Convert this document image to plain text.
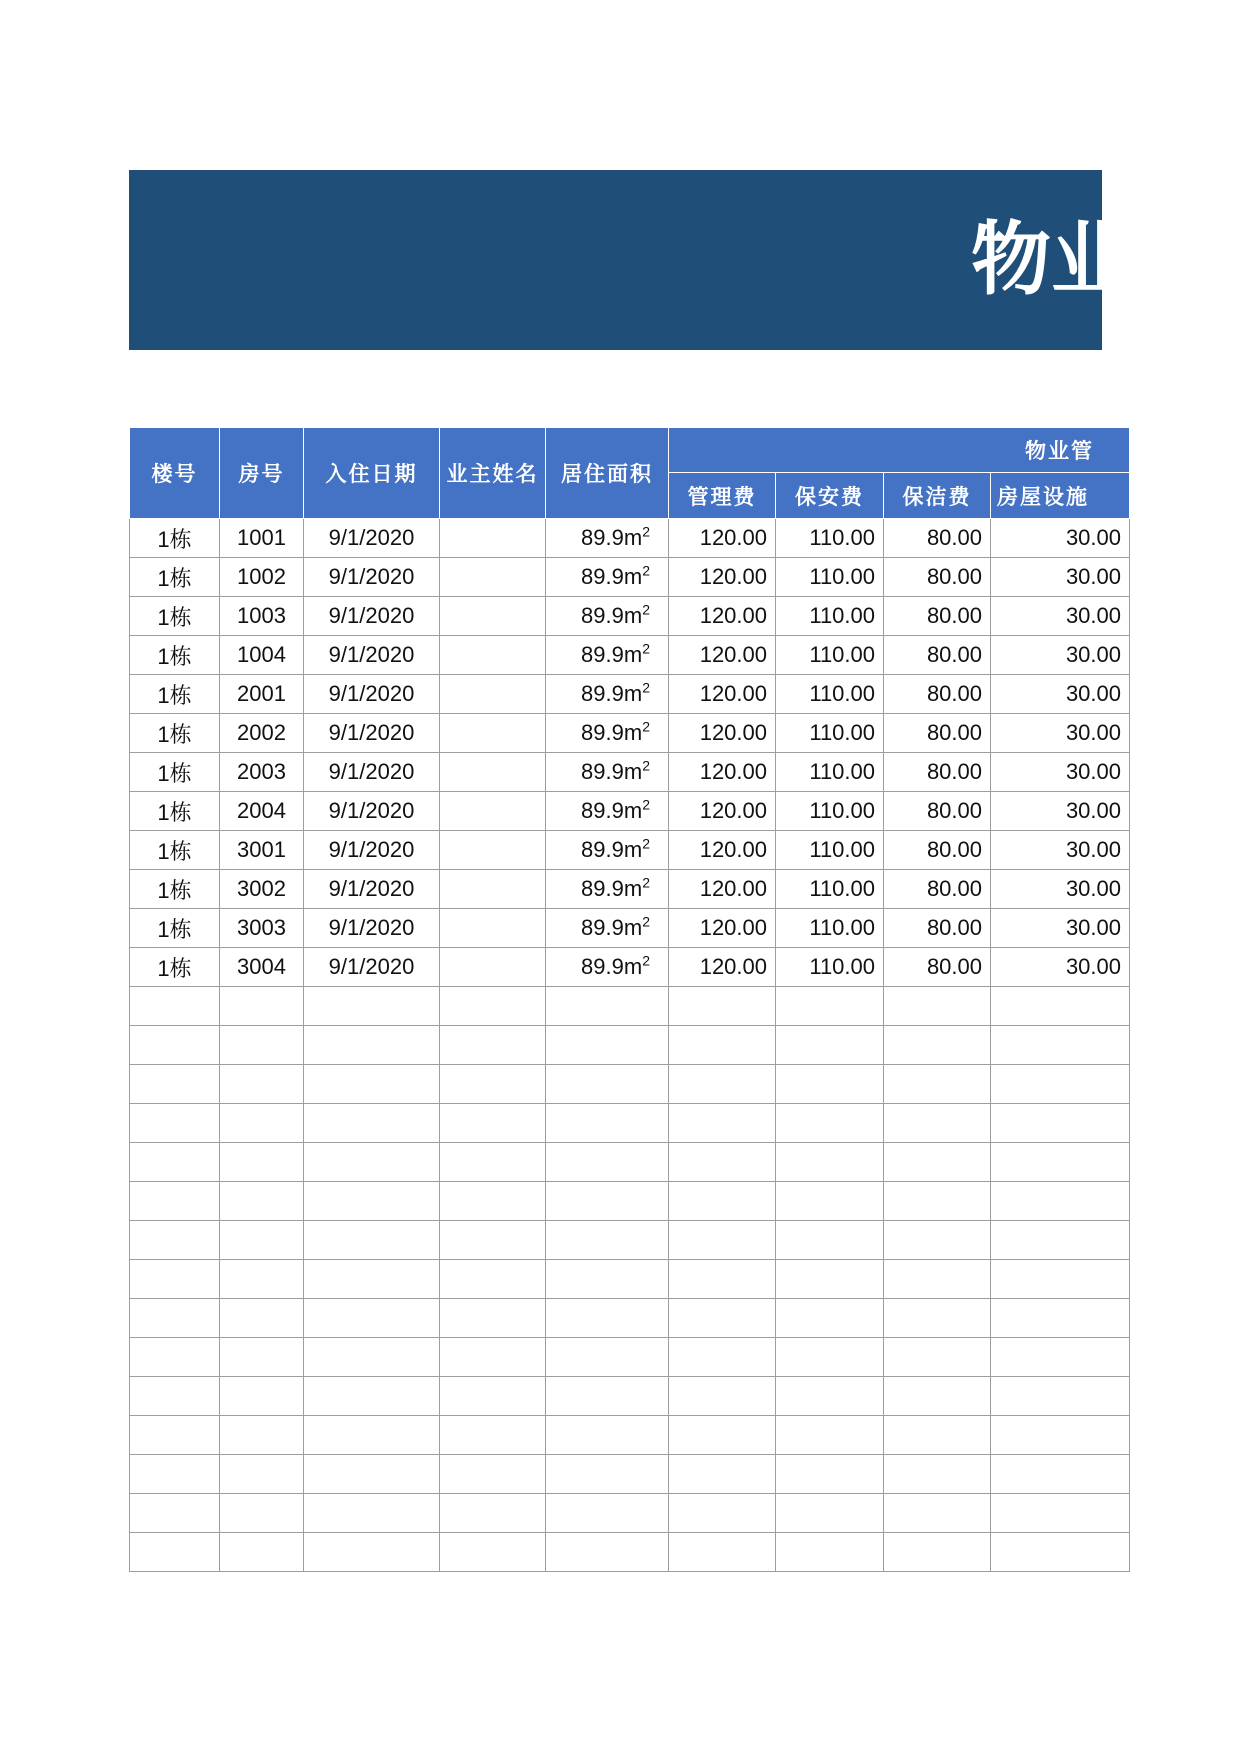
物业管
楼号	房号	入住日期	业主姓名	居住面积	物业管			
					管理费	保安费	保洁费	房屋设施
1栋	1001	9/1/2020		$89.9m^2$	120.00	110.00	80.00	30.00
1栋	1002	9/1/2020		$89.9m^2$	120.00	110.00	80.00	30.00
1栋	1003	9/1/2020		$89.9m^2$	120.00	110.00	80.00	30.00
1栋	1004	9/1/2020		$89.9m^2$	120.00	110.00	80.00	30.00
1栋	2001	9/1/2020		$89.9m^2$	120.00	110.00	80.00	30.00
1栋	2002	9/1/2020		$89.9m^2$	120.00	110.00	80.00	30.00
1栋	2003	9/1/2020		$89.9m^2$	120.00	110.00	80.00	30.00
1栋	2004	9/1/2020		$89.9m^2$	120.00	110.00	80.00	30.00
1栋	3001	9/1/2020		$89.9m^2$	120.00	110.00	80.00	30.00
1栋	3002	9/1/2020		$89.9m^2$	120.00	110.00	80.00	30.00
1栋	3003	9/1/2020		$89.9m^2$	120.00	110.00	80.00	30.00
1栋	3004	9/1/2020		$89.9m^2$	120.00	110.00	80.00	30.00
